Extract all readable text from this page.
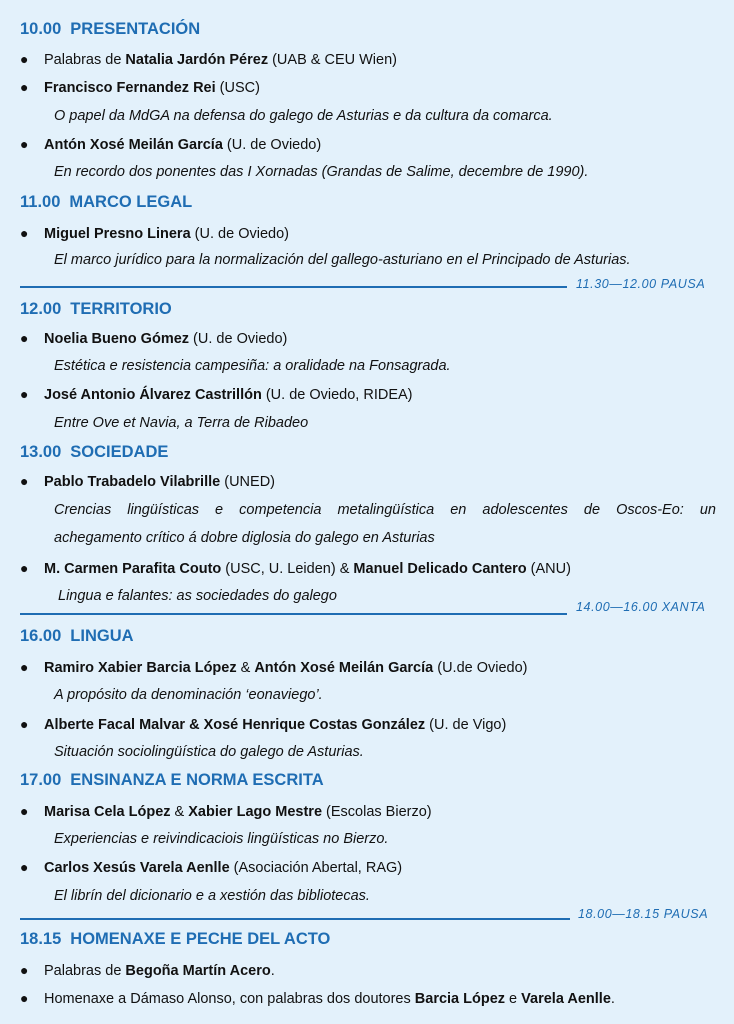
10.00 PRESENTACIÓN
● Palabras de Natalia Jardón Pérez (UAB & CEU Wien)
● Francisco Fernandez Rei (USC)
O papel da MdGA na defensa do galego de Asturias e da cultura da comarca.
● Antón Xosé Meilán García (U. de Oviedo)
En recordo dos ponentes das I Xornadas (Grandas de Salime, decembre de 1990).
11.00 MARCO LEGAL
● Miguel Presno Linera (U. de Oviedo)
El marco jurídico para la normalización del gallego-asturiano en el Principado de Asturias.
11.30—12.00 PAUSA
12.00 TERRITORIO
● Noelia Bueno Gómez (U. de Oviedo)
Estética e resistencia campesiña: a oralidade na Fonsagrada.
● José Antonio Álvarez Castrillón (U. de Oviedo, RIDEA)
Entre Ove et Navia, a Terra de Ribadeo
13.00 SOCIEDADE
● Pablo Trabadelo Vilabrille (UNED)
Crencias lingüísticas e competencia metalingüística en adolescentes de Oscos-Eo: un
achegamento crítico á dobre diglosia do galego en Asturias
● M. Carmen Parafita Couto (USC, U. Leiden) & Manuel Delicado Cantero (ANU)
Lingua e falantes: as sociedades do galego
14.00—16.00 XANTA
16.00 LINGUA
● Ramiro Xabier Barcia López & Antón Xosé Meilán García (U.de Oviedo)
A propósito da denominación ‘eonaviego’.
● Alberte Facal Malvar & Xosé Henrique Costas González (U. de Vigo)
Situación sociolingüística do galego de Asturias.
17.00 ENSINANZA E NORMA ESCRITA
● Marisa Cela López & Xabier Lago Mestre (Escolas Bierzo)
Experiencias e reivindicaciois lingüísticas no Bierzo.
● Carlos Xesús Varela Aenlle (Asociación Abertal, RAG)
El librín del dicionario e a xestión das bibliotecas.
18.00—18.15 PAUSA
18.15 HOMENAXE E PECHE DEL ACTO
● Palabras de Begoña Martín Acero.
● Homenaxe a Dámaso Alonso, con palabras dos doutores Barcia López e Varela Aenlle.
